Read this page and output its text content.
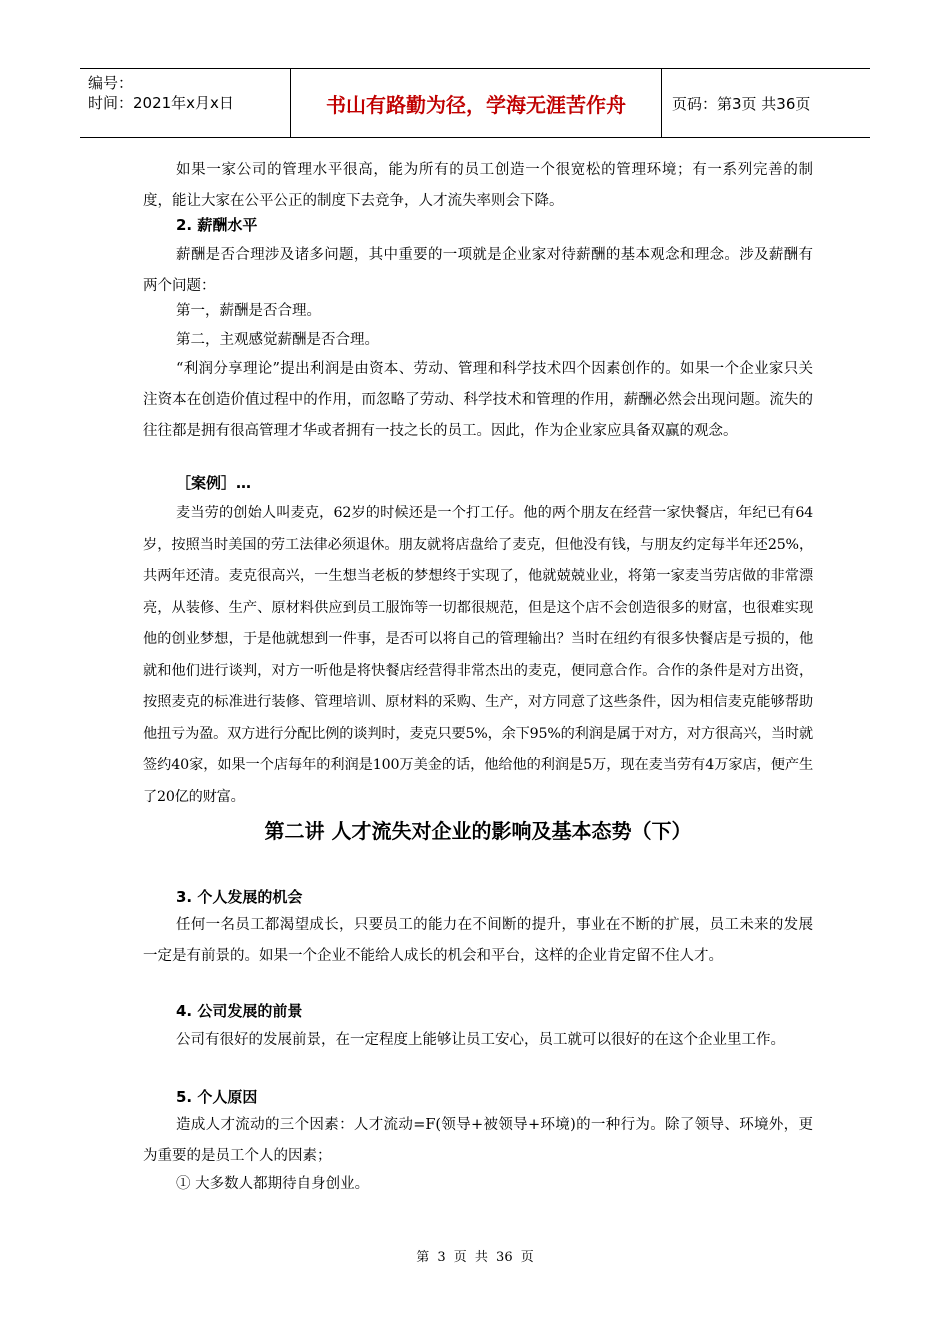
编号：
时间：2021年x月x日	书山有路勤为径，学海无涯苦作舟	页码：第3页 共36页

如果一家公司的管理水平很高，能为所有的员工创造一个很宽松的管理环境；有一系列完善的制度，能让大家在公平公正的制度下去竞争，人才流失率则会下降。

2. 薪酬水平

薪酬是否合理涉及诸多问题，其中重要的一项就是企业家对待薪酬的基本观念和理念。涉及薪酬有两个问题：

第一，薪酬是否合理。

第二，主观感觉薪酬是否合理。

“利润分享理论”提出利润是由资本、劳动、管理和科学技术四个因素创作的。如果一个企业家只关注资本在创造价值过程中的作用，而忽略了劳动、科学技术和管理的作用，薪酬必然会出现问题。流失的往往都是拥有很高管理才华或者拥有一技之长的员工。因此，作为企业家应具备双赢的观念。

［案例］…

麦当劳的创始人叫麦克，62岁的时候还是一个打工仔。他的两个朋友在经营一家快餐店，年纪已有64岁，按照当时美国的劳工法律必须退休。朋友就将店盘给了麦克，但他没有钱，与朋友约定每半年还25%，共两年还清。麦克很高兴，一生想当老板的梦想终于实现了，他就兢兢业业，将第一家麦当劳店做的非常漂亮，从装修、生产、原材料供应到员工服饰等一切都很规范，但是这个店不会创造很多的财富，也很难实现他的创业梦想，于是他就想到一件事，是否可以将自己的管理输出？当时在纽约有很多快餐店是亏损的，他就和他们进行谈判，对方一听他是将快餐店经营得非常杰出的麦克，便同意合作。合作的条件是对方出资，按照麦克的标准进行装修、管理培训、原材料的采购、生产，对方同意了这些条件，因为相信麦克能够帮助他扭亏为盈。双方进行分配比例的谈判时，麦克只要5%，余下95%的利润是属于对方，对方很高兴，当时就签约40家，如果一个店每年的利润是100万美金的话，他给他的利润是5万，现在麦当劳有4万家店，便产生了20亿的财富。

第二讲 人才流失对企业的影响及基本态势（下）
3. 个人发展的机会

任何一名员工都渴望成长，只要员工的能力在不间断的提升，事业在不断的扩展，员工未来的发展一定是有前景的。如果一个企业不能给人成长的机会和平台，这样的企业肯定留不住人才。

4. 公司发展的前景

公司有很好的发展前景，在一定程度上能够让员工安心，员工就可以很好的在这个企业里工作。

5. 个人原因

造成人才流动的三个因素：人才流动=F(领导+被领导+环境)的一种行为。除了领导、环境外，更为重要的是员工个人的因素；

① 大多数人都期待自身创业。

第 3 页 共 36 页
